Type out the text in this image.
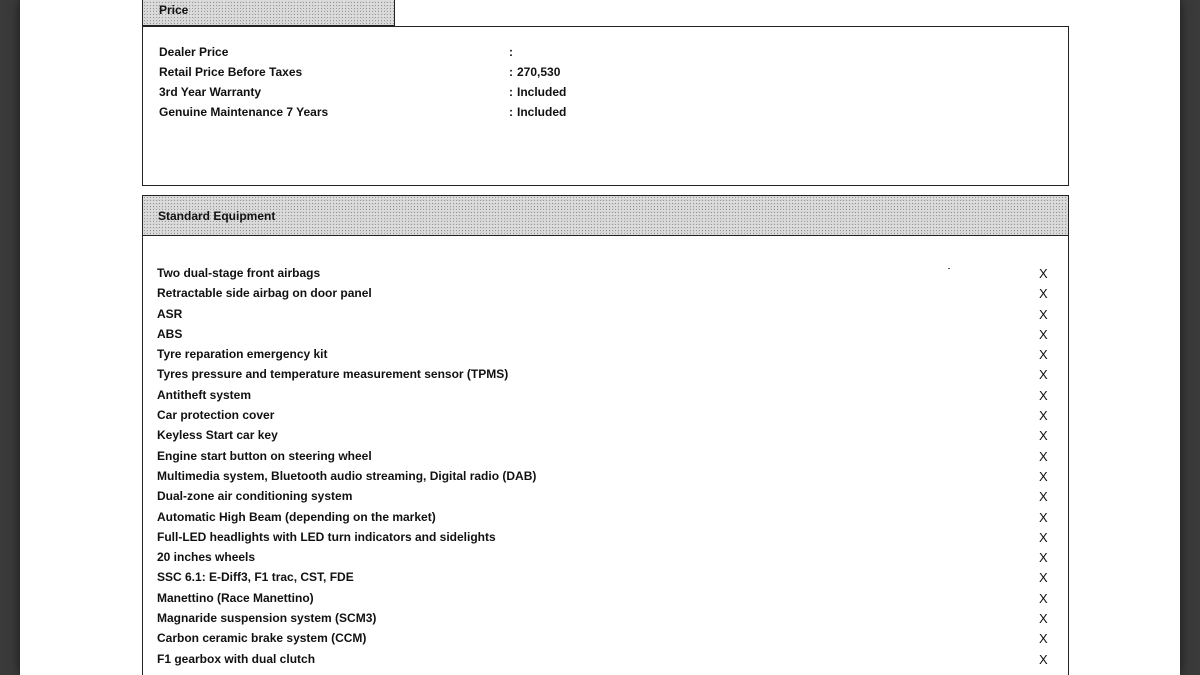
Price
Dealer Price	:
Retail Price Before Taxes	: 270,530
3rd Year Warranty	: Included
Genuine Maintenance 7 Years	: Included
Standard Equipment
Two dual-stage front airbags	X
Retractable side airbag on door panel	X
ASR	X
ABS	X
Tyre reparation emergency kit	X
Tyres pressure and temperature measurement sensor (TPMS)	X
Antitheft system	X
Car protection cover	X
Keyless Start car key	X
Engine start button on steering wheel	X
Multimedia system, Bluetooth audio streaming, Digital radio (DAB)	X
Dual-zone air conditioning system	X
Automatic High Beam (depending on the market)	X
Full-LED headlights with LED turn indicators and sidelights	X
20 inches wheels	X
SSC 6.1: E-Diff3, F1 trac, CST, FDE	X
Manettino (Race Manettino)	X
Magnaride suspension system (SCM3)	X
Carbon ceramic brake system (CCM)	X
F1 gearbox with dual clutch	X
